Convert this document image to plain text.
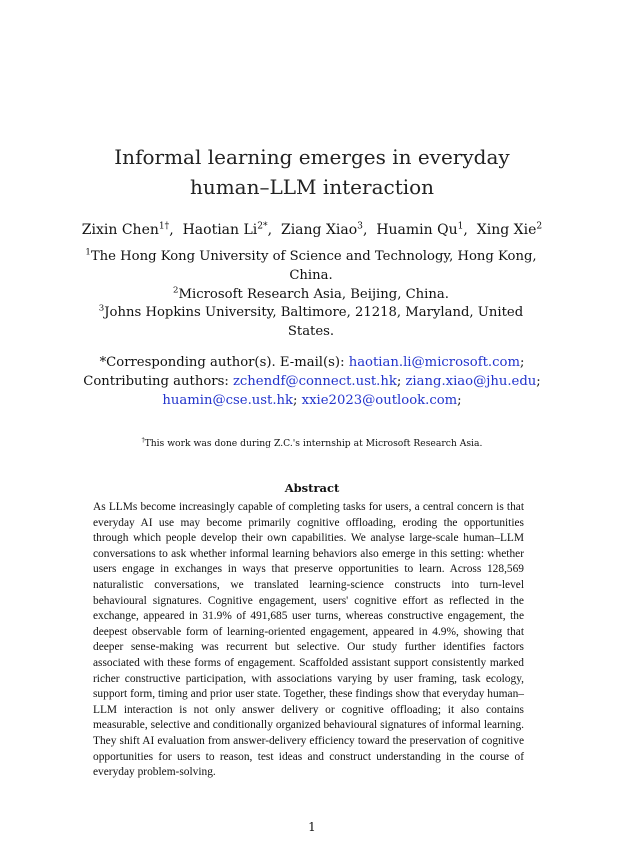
Informal learning emerges in everyday
human–LLM interaction
Zixin Chen$^{1\dagger}$,  Haotian $Li^{2*}$,  Ziang Xiao$^3$,  Huamin Qu$^1$,  Xing Xie$^2$
$^1$The Hong Kong University of Science and Technology, Hong Kong,
China.
$^2$Microsoft Research Asia, Beijing, China.
$^3$Johns Hopkins University, Baltimore, 21218, Maryland, United States.
*Corresponding author(s). E-mail(s): haotian.li@microsoft.com;
Contributing authors: zchendf@connect.ust.hk; ziang.xiao@jhu.edu;
huamin@cse.ust.hk; xxie2023@outlook.com;
†This work was done during Z.C.'s internship at Microsoft Research Asia.
Abstract
As LLMs become increasingly capable of completing tasks for users, a central concern is that everyday AI use may become primarily cognitive offloading, eroding the opportunities through which people develop their own capabilities. We analyse large-scale human–LLM conversations to ask whether informal learning behaviors also emerge in this setting: whether users engage in exchanges in ways that preserve opportunities to learn. Across 128,569 naturalistic conversations, we translated learning-science constructs into turn-level behavioural signatures. Cognitive engagement, users' cognitive effort as reflected in the exchange, appeared in 31.9% of 491,685 user turns, whereas constructive engagement, the deepest observable form of learning-oriented engagement, appeared in 4.9%, showing that deeper sense-making was recurrent but selective. Our study further identifies factors associated with these forms of engagement. Scaffolded assistant support consistently marked richer constructive participation, with associations varying by user framing, task ecology, support form, timing and prior user state. Together, these findings show that everyday human–LLM interaction is not only answer delivery or cognitive offloading; it also contains measurable, selective and conditionally organized behavioural signatures of informal learning. They shift AI evaluation from answer-delivery efficiency toward the preservation of cognitive opportunities for users to reason, test ideas and construct understanding in the course of everyday problem-solving.
1
